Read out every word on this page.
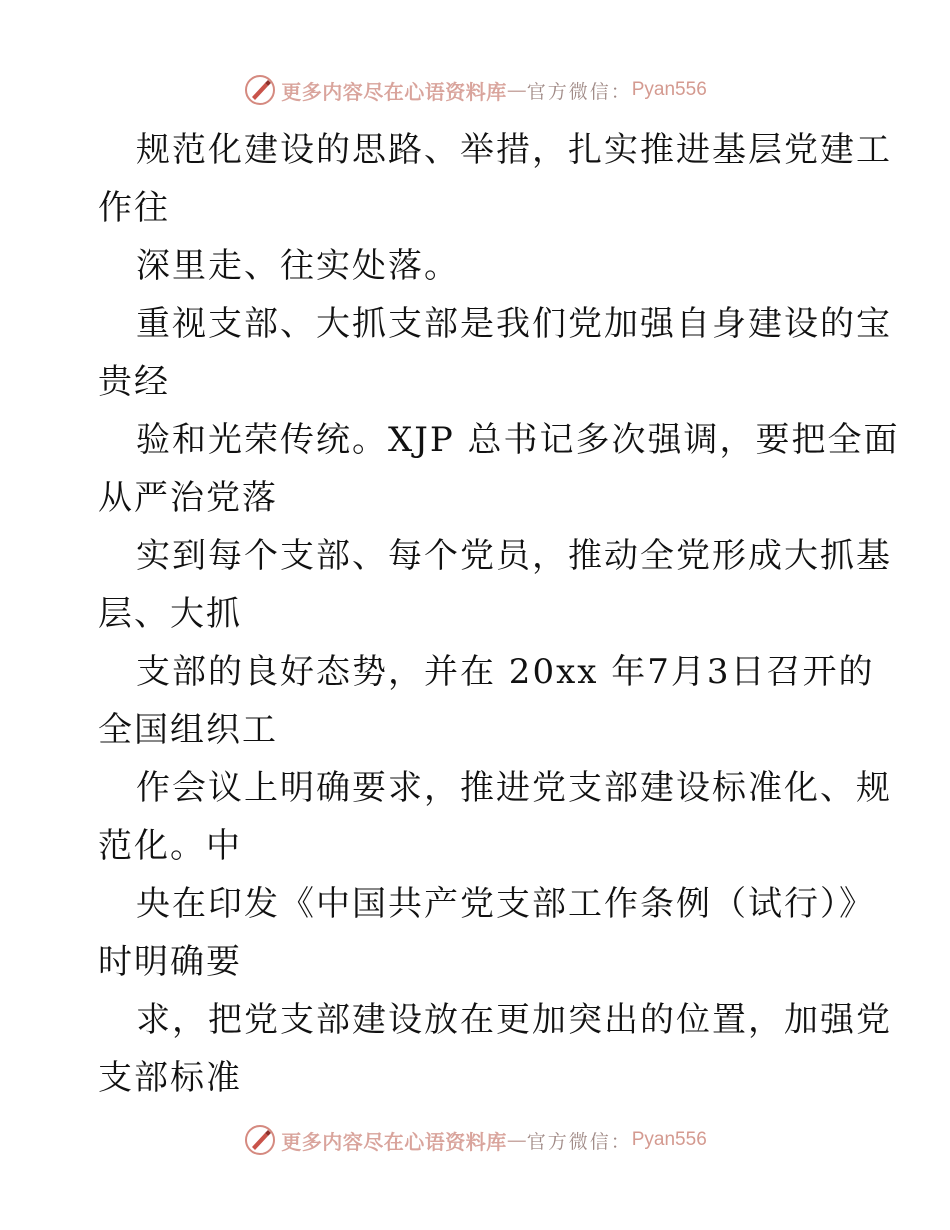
更多内容尽在心语资料库 — 官方微信： Pyan556
规范化建设的思路、举措，扎实推进基层党建工
作往
深里走、往实处落。
重视支部、大抓支部是我们党加强自身建设的宝
贵经
验和光荣传统。XJP 总书记多次强调，要把全面
从严治党落
实到每个支部、每个党员，推动全党形成大抓基
层、大抓
支部的良好态势，并在 20xx 年7月3日召开的
全国组织工
作会议上明确要求，推进党支部建设标准化、规
范化。中
央在印发《中国共产党支部工作条例（试行）》
时明确要
求，把党支部建设放在更加突出的位置，加强党
支部标准
更多内容尽在心语资料库 — 官方微信： Pyan556
